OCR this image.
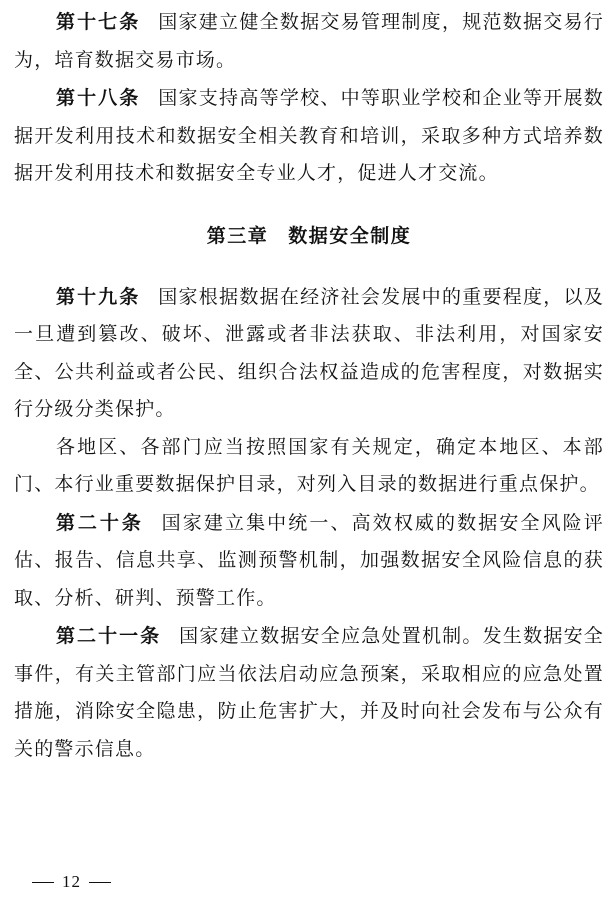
第十七条 国家建立健全数据交易管理制度，规范数据交易行为，培育数据交易市场。

第十八条 国家支持高等学校、中等职业学校和企业等开展数据开发利用技术和数据安全相关教育和培训，采取多种方式培养数据开发利用技术和数据安全专业人才，促进人才交流。

第三章 数据安全制度

第十九条 国家根据数据在经济社会发展中的重要程度，以及一旦遭到篡改、破坏、泄露或者非法获取、非法利用，对国家安全、公共利益或者公民、组织合法权益造成的危害程度，对数据实行分级分类保护。

各地区、各部门应当按照国家有关规定，确定本地区、本部门、本行业重要数据保护目录，对列入目录的数据进行重点保护。

第二十条 国家建立集中统一、高效权威的数据安全风险评估、报告、信息共享、监测预警机制，加强数据安全风险信息的获取、分析、研判、预警工作。

第二十一条 国家建立数据安全应急处置机制。发生数据安全事件，有关主管部门应当依法启动应急预案，采取相应的应急处置措施，消除安全隐患，防止危害扩大，并及时向社会发布与公众有关的警示信息。

12
